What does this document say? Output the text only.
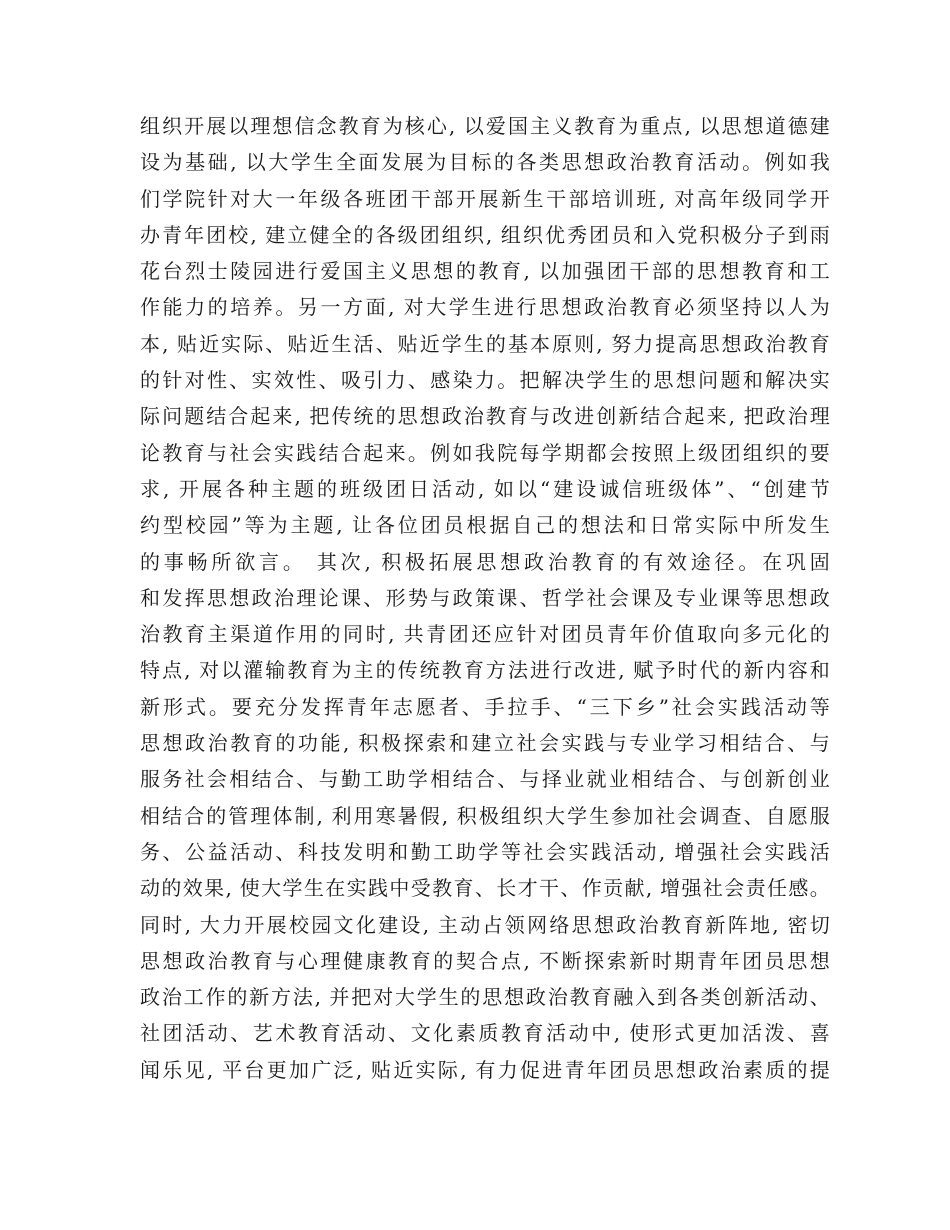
组织开展以理想信念教育为核心, 以爱国主义教育为重点, 以思想道德建
设为基础, 以大学生全面发展为目标的各类思想政治教育活动。例如我
们学院针对大一年级各班团干部开展新生干部培训班, 对高年级同学开
办青年团校, 建立健全的各级团组织, 组织优秀团员和入党积极分子到雨
花台烈士陵园进行爱国主义思想的教育, 以加强团干部的思想教育和工
作能力的培养。另一方面, 对大学生进行思想政治教育必须坚持以人为
本, 贴近实际、贴近生活、贴近学生的基本原则, 努力提高思想政治教育
的针对性、实效性、吸引力、感染力。把解决学生的思想问题和解决实
际问题结合起来, 把传统的思想政治教育与改进创新结合起来, 把政治理
论教育与社会实践结合起来。例如我院每学期都会按照上级团组织的要
求, 开展各种主题的班级团日活动, 如以“建设诚信班级体”、“创建节
约型校园”等为主题, 让各位团员根据自己的想法和日常实际中所发生
的事畅所欲言。 其次, 积极拓展思想政治教育的有效途径。在巩固
和发挥思想政治理论课、形势与政策课、哲学社会课及专业课等思想政
治教育主渠道作用的同时, 共青团还应针对团员青年价值取向多元化的
特点, 对以灌输教育为主的传统教育方法进行改进, 赋予时代的新内容和
新形式。要充分发挥青年志愿者、手拉手、“三下乡”社会实践活动等
思想政治教育的功能, 积极探索和建立社会实践与专业学习相结合、与
服务社会相结合、与勤工助学相结合、与择业就业相结合、与创新创业
相结合的管理体制, 利用寒暑假, 积极组织大学生参加社会调查、自愿服
务、公益活动、科技发明和勤工助学等社会实践活动, 增强社会实践活
动的效果, 使大学生在实践中受教育、长才干、作贡献, 增强社会责任感。
同时, 大力开展校园文化建设, 主动占领网络思想政治教育新阵地, 密切
思想政治教育与心理健康教育的契合点, 不断探索新时期青年团员思想
政治工作的新方法, 并把对大学生的思想政治教育融入到各类创新活动、
社团活动、艺术教育活动、文化素质教育活动中, 使形式更加活泼、喜
闻乐见, 平台更加广泛, 贴近实际, 有力促进青年团员思想政治素质的提
